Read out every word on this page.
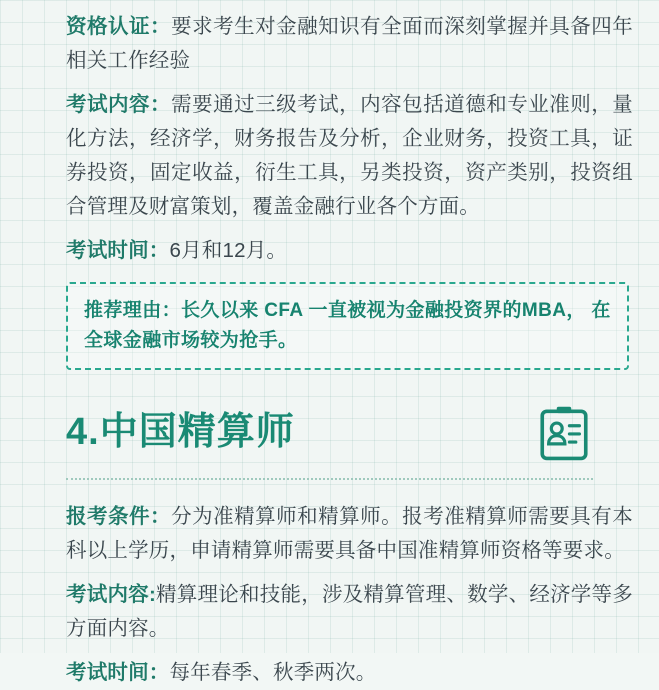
资格认证：要求考生对金融知识有全面而深刻掌握并具备四年相关工作经验

考试内容：需要通过三级考试，内容包括道德和专业准则，量化方法，经济学，财务报告及分析，企业财务，投资工具，证券投资，固定收益，衍生工具，另类投资，资产类别，投资组合管理及财富策划，覆盖金融行业各个方面。

考试时间：6月和12月。

推荐理由：长久以来 CFA 一直被视为金融投资界的MBA， 在全球金融市场较为抢手。

4.中国精算师

报考条件：分为准精算师和精算师。报考准精算师需要具有本科以上学历，申请精算师需要具备中国准精算师资格等要求。

考试内容:精算理论和技能，涉及精算管理、数学、经济学等多方面内容。

考试时间：每年春季、秋季两次。
